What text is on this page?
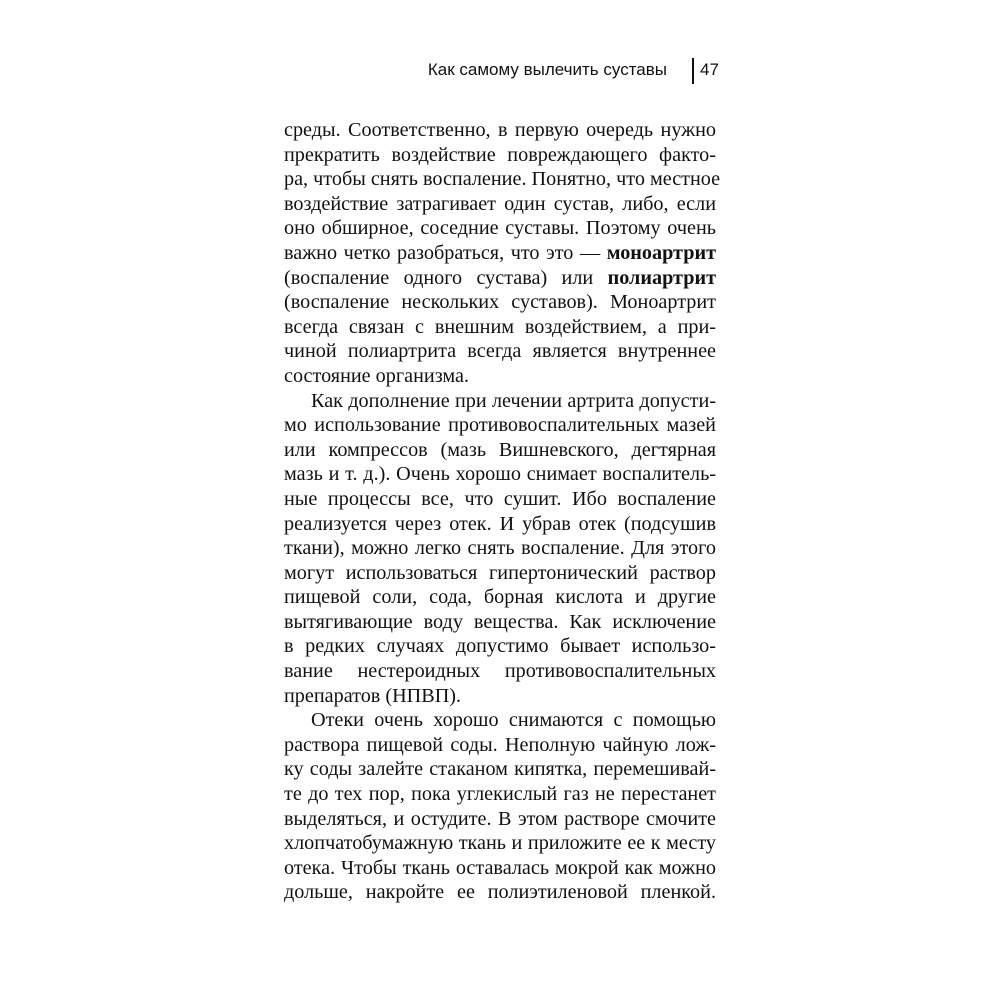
Как самому вылечить суставы 47
среды. Соответственно, в первую очередь нужно
прекратить воздействие повреждающего факто-
ра, чтобы снять воспаление. Понятно, что местное
воздействие затрагивает один сустав, либо, если
оно обширное, соседние суставы. Поэтому очень
важно четко разобраться, что это — моноартрит
(воспаление одного сустава) или полиартрит
(воспаление нескольких суставов). Моноартрит
всегда связан с внешним воздействием, а при-
чиной полиартрита всегда является внутреннее
состояние организма.
Как дополнение при лечении артрита допусти-
мо использование противовоспалительных мазей
или компрессов (мазь Вишневского, дегтярная
мазь и т. д.). Очень хорошо снимает воспалитель-
ные процессы все, что сушит. Ибо воспаление
реализуется через отек. И убрав отек (подсушив
ткани), можно легко снять воспаление. Для этого
могут использоваться гипертонический раствор
пищевой соли, сода, борная кислота и другие
вытягивающие воду вещества. Как исключение
в редких случаях допустимо бывает использо-
вание нестероидных противовоспалительных
препаратов (НПВП).
Отеки очень хорошо снимаются с помощью
раствора пищевой соды. Неполную чайную лож-
ку соды залейте стаканом кипятка, перемешивай-
те до тех пор, пока углекислый газ не перестанет
выделяться, и остудите. В этом растворе смочите
хлопчатобумажную ткань и приложите ее к месту
отека. Чтобы ткань оставалась мокрой как можно
дольше, накройте ее полиэтиленовой пленкой.
